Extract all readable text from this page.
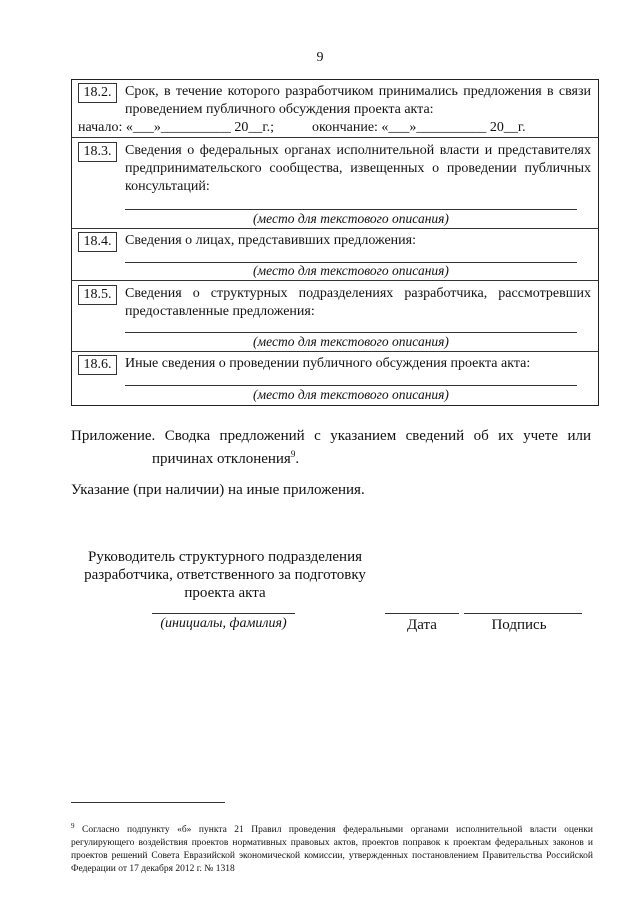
9
18.2. Срок, в течение которого разработчиком принимались предложения в связи проведением публичного обсуждения проекта акта:
начало: «___»__________ 20__г.;	окончание: «___»__________ 20__г.
18.3. Сведения о федеральных органах исполнительной власти и представителях предпринимательского сообщества, извещенных о проведении публичных консультаций:
(место для текстового описания)
18.4. Сведения о лицах, представивших предложения:
(место для текстового описания)
18.5. Сведения о структурных подразделениях разработчика, рассмотревших предоставленные предложения:
(место для текстового описания)
18.6. Иные сведения о проведении публичного обсуждения проекта акта:
(место для текстового описания)
Приложение. Сводка предложений с указанием сведений об их учете или
причинах отклонения$^9$.
Указание (при наличии) на иные приложения.
Руководитель структурного подразделения
разработчика, ответственного за подготовку
проекта акта
(инициалы, фамилия)	Дата	Подпись
$^9$ Согласно подпункту «б» пункта 21 Правил проведения федеральными органами исполнительной власти оценки регулирующего воздействия проектов нормативных правовых актов, проектов поправок к проектам федеральных законов и проектов решений Совета Евразийской экономической комиссии, утвержденных постановлением Правительства Российской Федерации от 17 декабря 2012 г. № 1318
